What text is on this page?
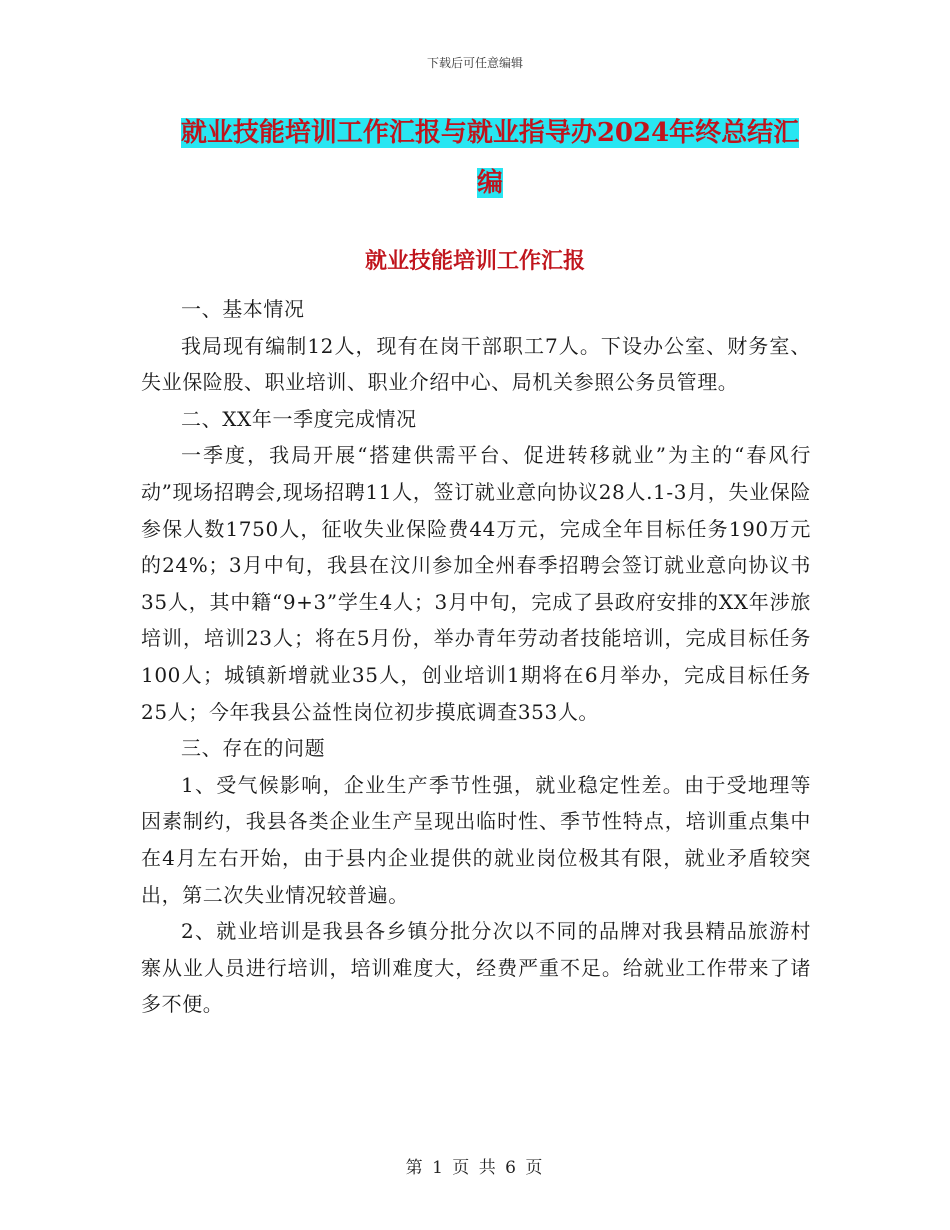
下载后可任意编辑
就业技能培训工作汇报与就业指导办2024年终总结汇
编
就业技能培训工作汇报

一、基本情况

我局现有编制12人，现有在岗干部职工7人。下设办公室、财务室、失业保险股、职业培训、职业介绍中心、局机关参照公务员管理。

二、XX年一季度完成情况

一季度，我局开展“搭建供需平台、促进转移就业”为主的“春风行动”现场招聘会,现场招聘11人，签订就业意向协议28人.1-3月，失业保险参保人数1750人，征收失业保险费44万元，完成全年目标任务190万元的24%；3月中旬，我县在汶川参加全州春季招聘会签订就业意向协议书35人，其中籍“9+3”学生4人；3月中旬，完成了县政府安排的XX年涉旅培训，培训23人；将在5月份，举办青年劳动者技能培训，完成目标任务100人；城镇新增就业35人，创业培训1期将在6月举办，完成目标任务25人；今年我县公益性岗位初步摸底调查353人。

三、存在的问题

1、受气候影响，企业生产季节性强，就业稳定性差。由于受地理等因素制约，我县各类企业生产呈现出临时性、季节性特点，培训重点集中在4月左右开始，由于县内企业提供的就业岗位极其有限，就业矛盾较突出，第二次失业情况较普遍。

2、就业培训是我县各乡镇分批分次以不同的品牌对我县精品旅游村寨从业人员进行培训，培训难度大，经费严重不足。给就业工作带来了诸多不便。

第 1 页 共 6 页
